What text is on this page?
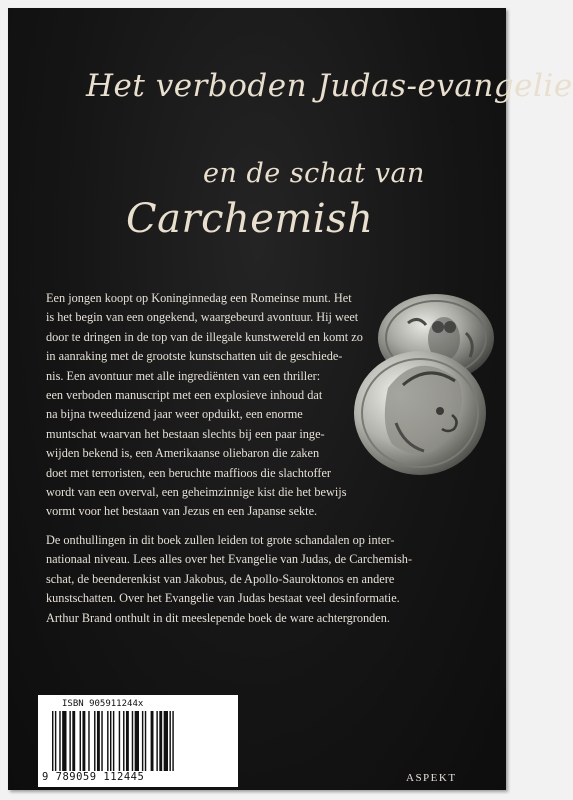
Het verboden Judas-evangelie
en de schat van
Carchemish
Een jongen koopt op Koninginnedag een Romeinse munt. Het
is het begin van een ongekend, waargebeurd avontuur. Hij weet
door te dringen in de top van de illegale kunstwereld en komt zo
in aanraking met de grootste kunstschatten uit de geschiede-
nis. Een avontuur met alle ingrediënten van een thriller:
een verboden manuscript met een explosieve inhoud dat
na bijna tweeduizend jaar weer opduikt, een enorme
muntschat waarvan het bestaan slechts bij een paar inge-
wijden bekend is, een Amerikaanse oliebaron die zaken
doet met terroristen, een beruchte maffioos die slachtoffer
wordt van een overval, een geheimzinnige kist die het bewijs
vormt voor het bestaan van Jezus en een Japanse sekte.
De onthullingen in dit boek zullen leiden tot grote schandalen op inter-
nationaal niveau. Lees alles over het Evangelie van Judas, de Carchemish-
schat, de beenderenkist van Jakobus, de Apollo-Sauroktonos en andere
kunstschatten. Over het Evangelie van Judas bestaat veel desinformatie.
Arthur Brand onthult in dit meeslepende boek de ware achtergronden.
ISBN 905911244x
9 789059 112445	ASPEKT
